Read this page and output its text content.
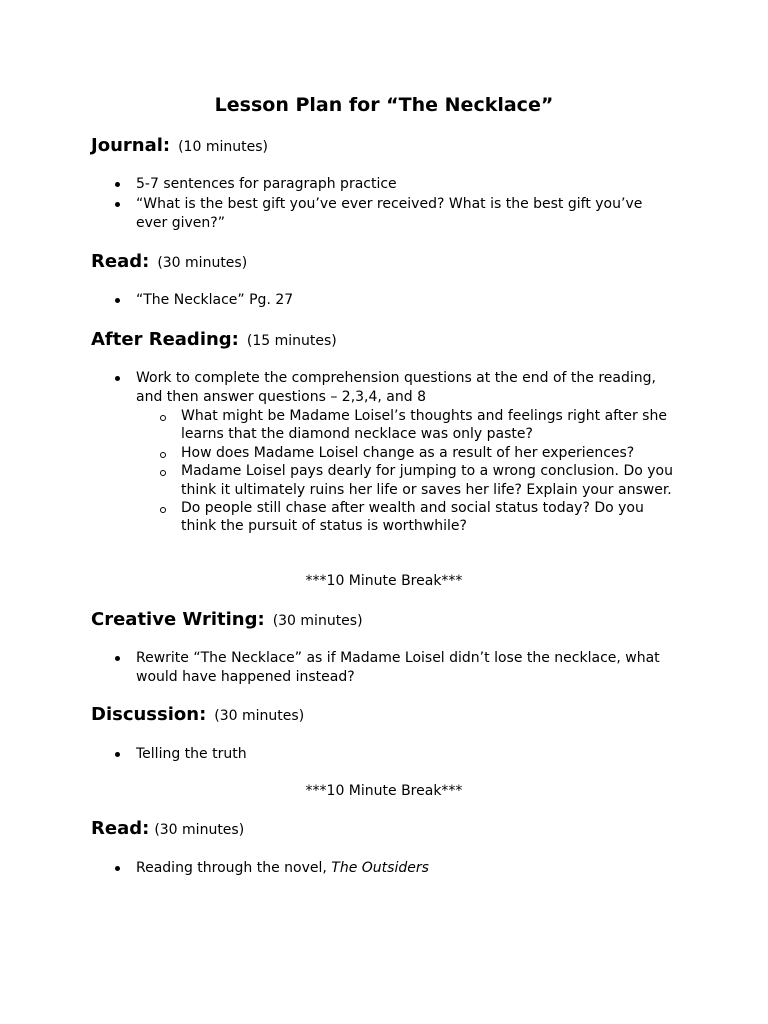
Lesson Plan for “The Necklace”
Journal: (10 minutes)
5-7 sentences for paragraph practice
“What is the best gift you’ve ever received? What is the best gift you’ve ever given?”
Read: (30 minutes)
“The Necklace” Pg. 27
After Reading: (15 minutes)
Work to complete the comprehension questions at the end of the reading, and then answer questions – 2,3,4, and 8
What might be Madame Loisel’s thoughts and feelings right after she learns that the diamond necklace was only paste?
How does Madame Loisel change as a result of her experiences?
Madame Loisel pays dearly for jumping to a wrong conclusion. Do you think it ultimately ruins her life or saves her life? Explain your answer.
Do people still chase after wealth and social status today? Do you think the pursuit of status is worthwhile?

***10 Minute Break***

Creative Writing: (30 minutes)
Rewrite “The Necklace” as if Madame Loisel didn’t lose the necklace, what would have happened instead?
Discussion: (30 minutes)
Telling the truth

***10 Minute Break***

Read: (30 minutes)
Reading through the novel, The Outsiders
